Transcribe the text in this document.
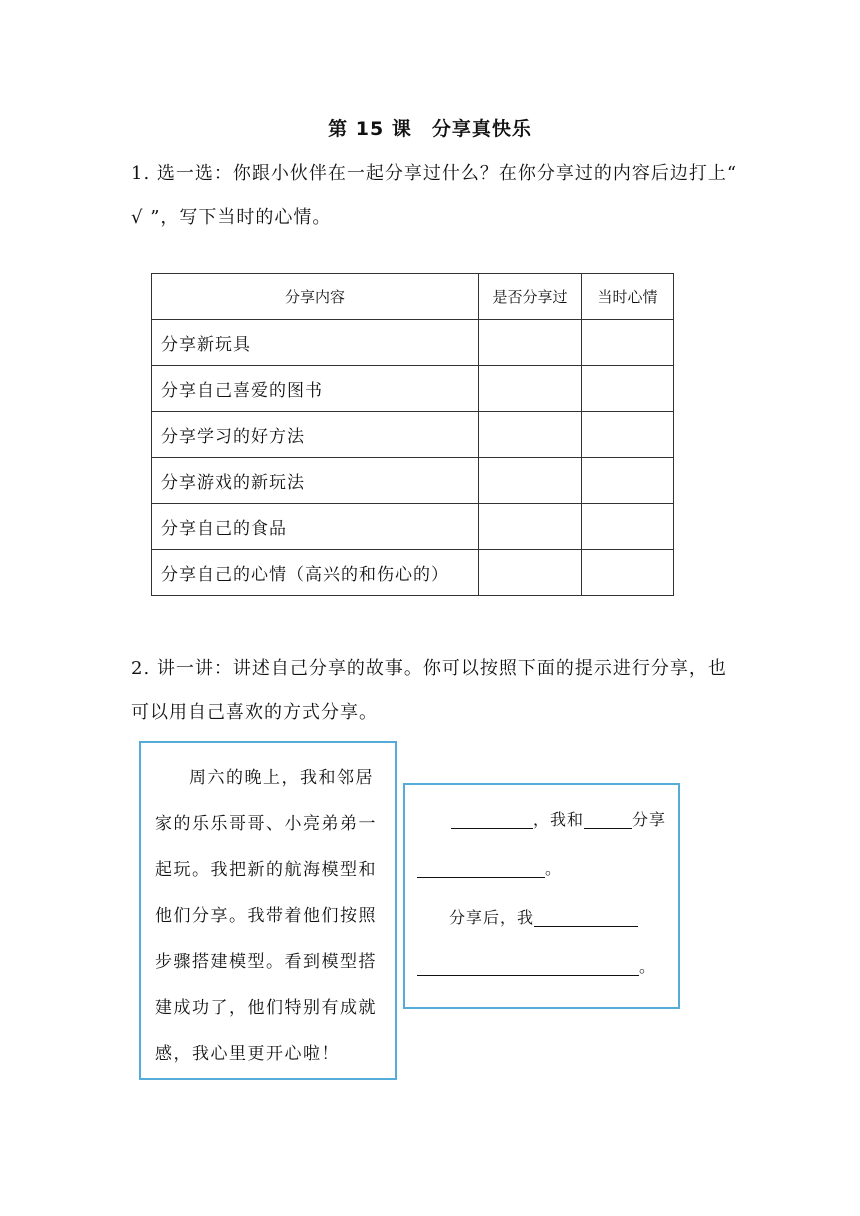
第 15 课　分享真快乐
1. 选一选：你跟小伙伴在一起分享过什么？在你分享过的内容后边打上“ √ ”，写下当时的心情。
分享内容	是否分享过	当时心情
分享新玩具		
分享自己喜爱的图书		
分享学习的好方法		
分享游戏的新玩法		
分享自己的食品		
分享自己的心情（高兴的和伤心的）		
2. 讲一讲：讲述自己分享的故事。你可以按照下面的提示进行分享，也可以用自己喜欢的方式分享。

周六的晚上，我和邻居家的乐乐哥哥、小亮弟弟一起玩。我把新的航海模型和他们分享。我带着他们按照步骤搭建模型。看到模型搭建成功了，他们特别有成就感，我心里更开心啦！

，我和	分享。
分享后，我
。
